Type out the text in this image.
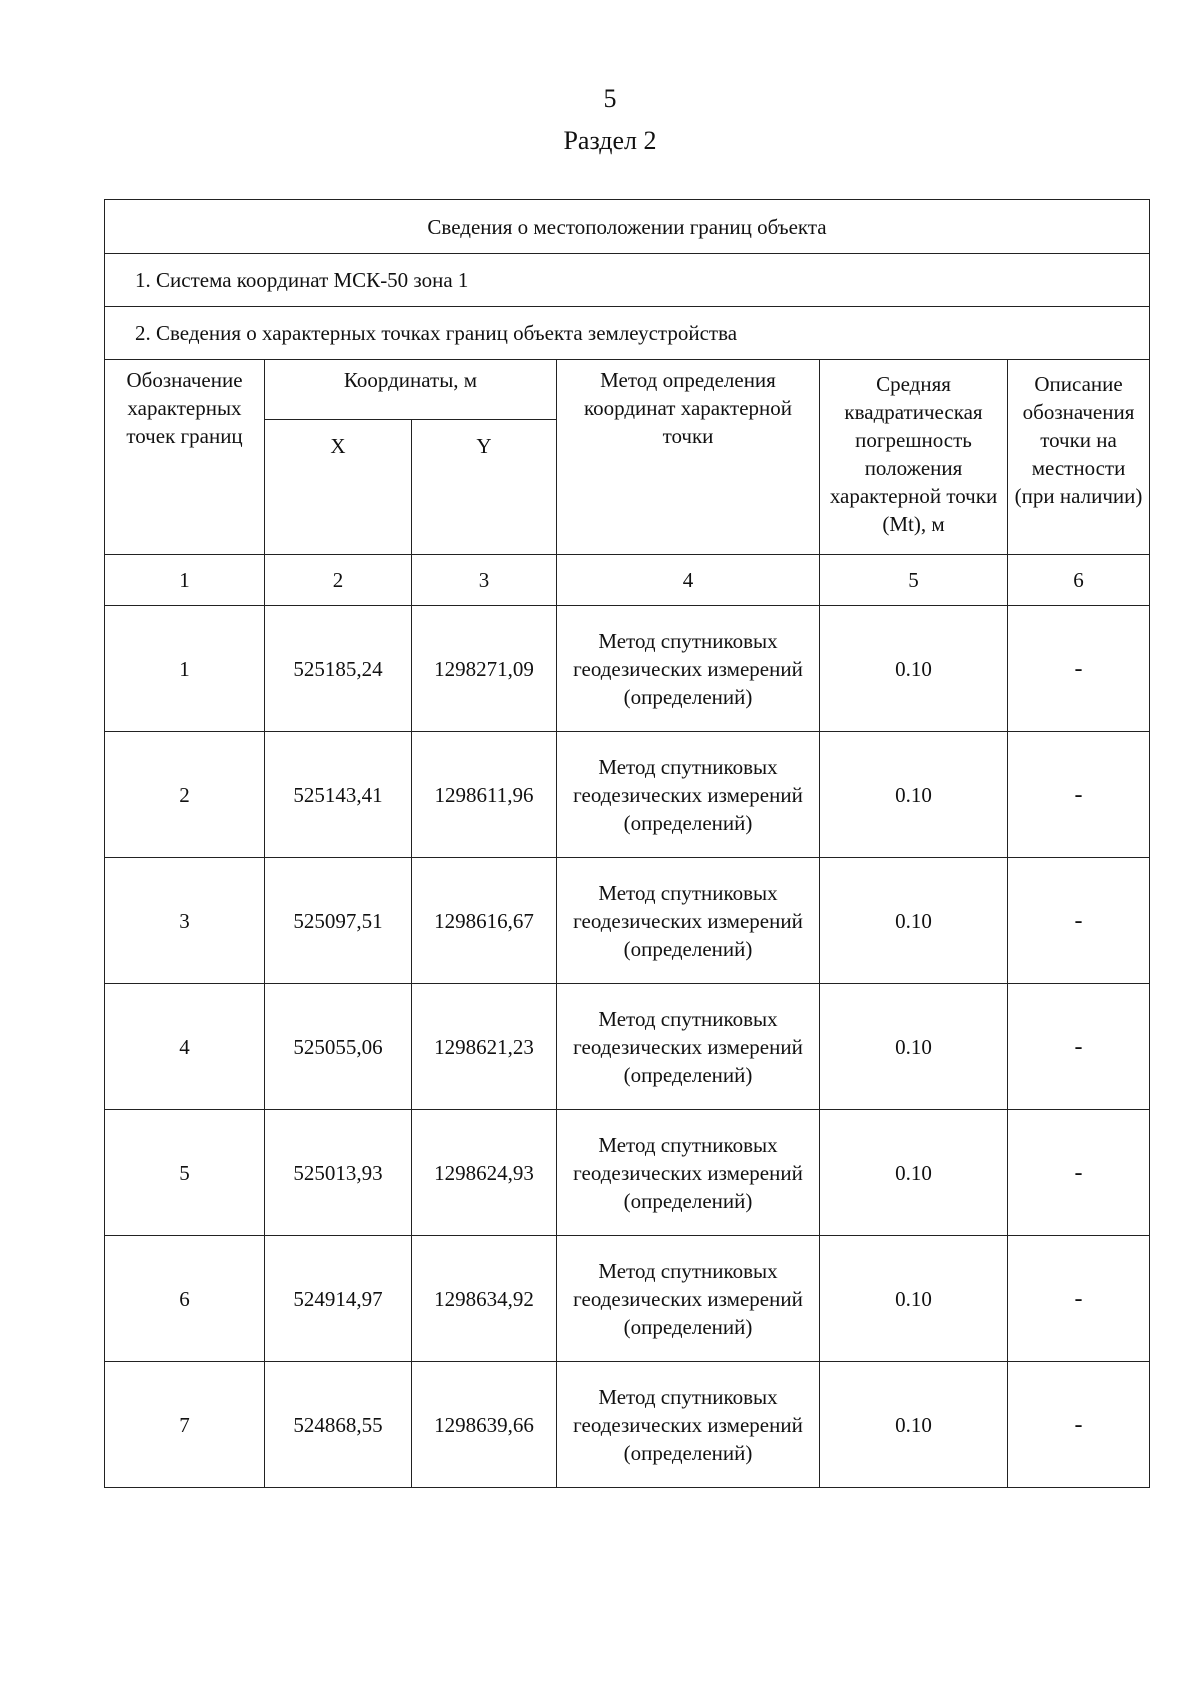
5
Раздел 2
Сведения о местоположении границ объекта					
1. Система координат МСК-50 зона 1					
2. Сведения о характерных точках границ объекта землеустройства					
Обозначение характерных точек границ	Координаты, м		Метод определения координат характерной точки	Средняя квадратическая погрешность положения характерной точки (Mt), м	Описание обозначения точки на местности (при наличии)
	X	Y			
1	2	3	4	5	6
1	525185,24	1298271,09	Метод спутниковых геодезических измерений (определений)	0.10	-
2	525143,41	1298611,96	Метод спутниковых геодезических измерений (определений)	0.10	-
3	525097,51	1298616,67	Метод спутниковых геодезических измерений (определений)	0.10	-
4	525055,06	1298621,23	Метод спутниковых геодезических измерений (определений)	0.10	-
5	525013,93	1298624,93	Метод спутниковых геодезических измерений (определений)	0.10	-
6	524914,97	1298634,92	Метод спутниковых геодезических измерений (определений)	0.10	-
7	524868,55	1298639,66	Метод спутниковых геодезических измерений (определений)	0.10	-
